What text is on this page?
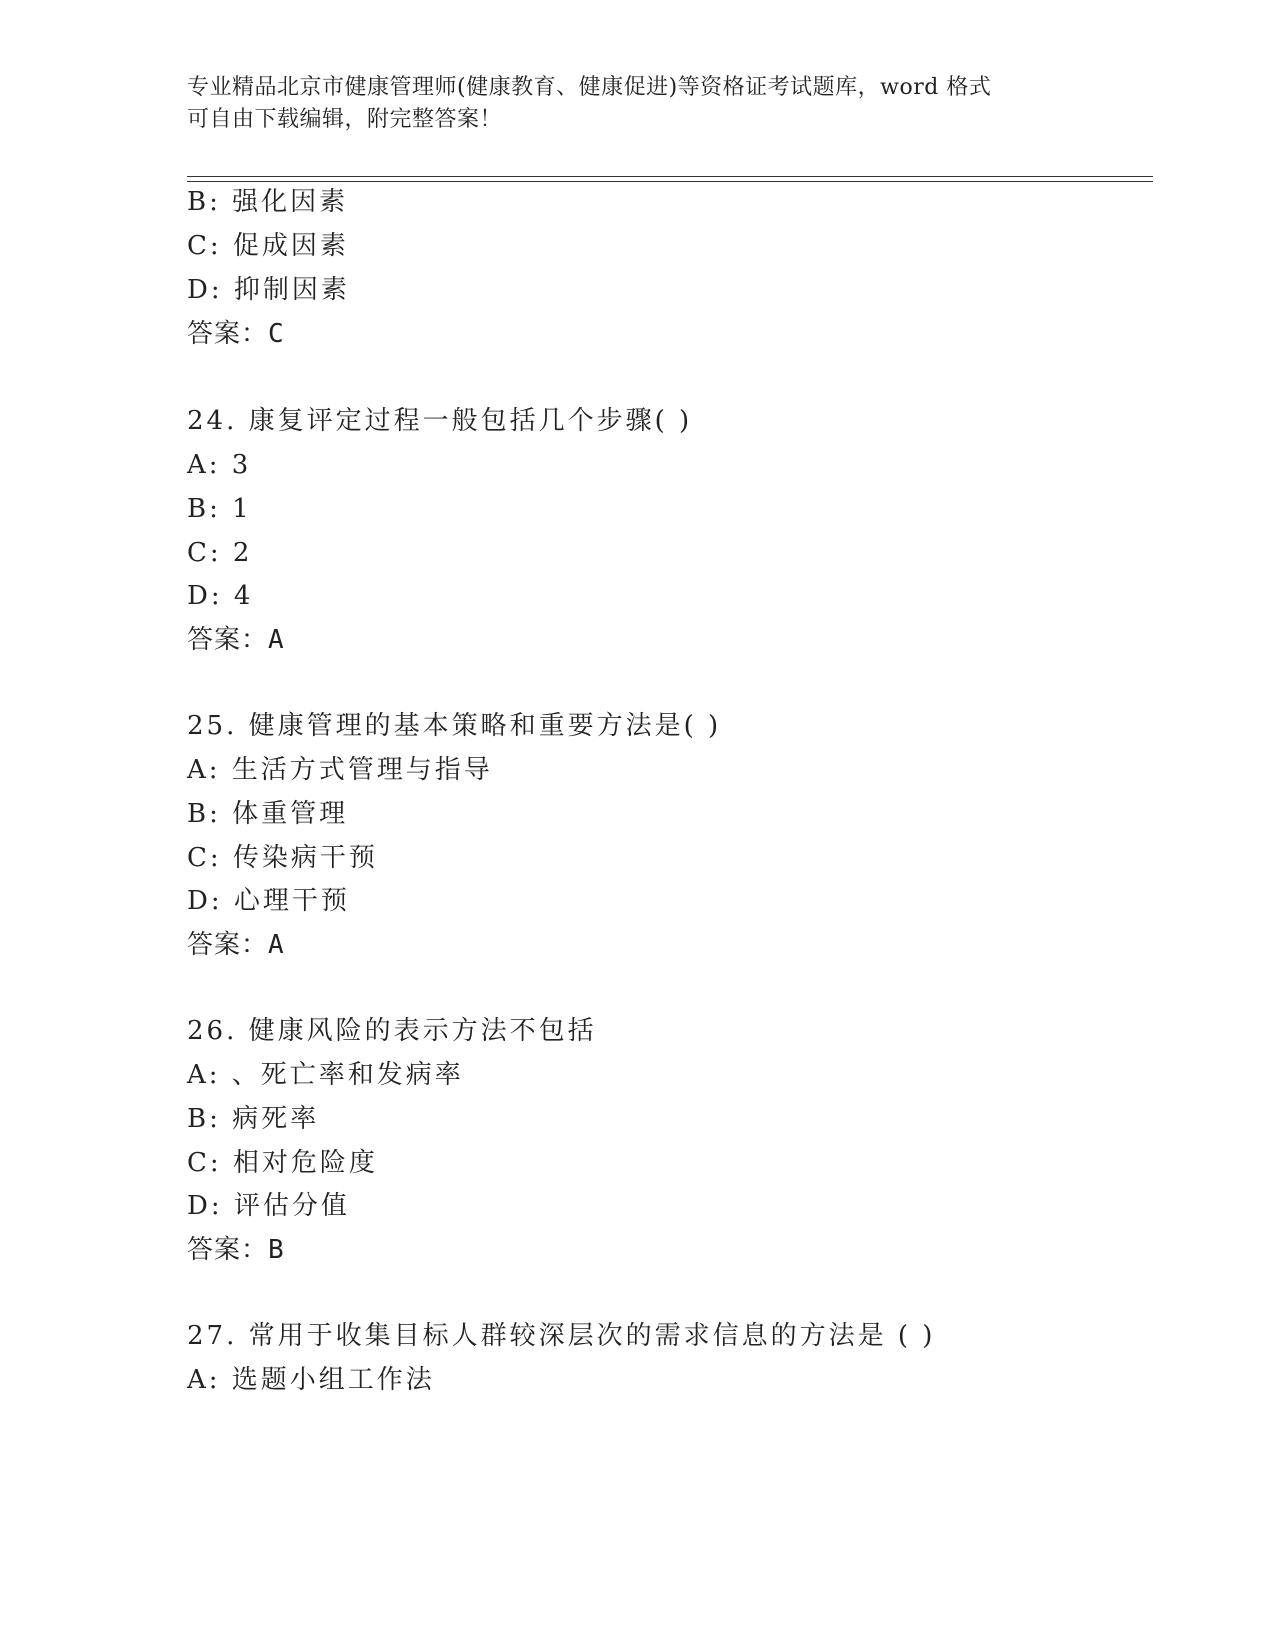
专业精品北京市健康管理师(健康教育、健康促进)等资格证考试题库，word 格式
可自由下载编辑，附完整答案！
B: 强化因素
C: 促成因素
D: 抑制因素
答案：C
24. 康复评定过程一般包括几个步骤( )
A: 3
B: 1
C: 2
D: 4
答案：A
25. 健康管理的基本策略和重要方法是( )
A: 生活方式管理与指导
B: 体重管理
C: 传染病干预
D: 心理干预
答案：A
26. 健康风险的表示方法不包括
A: 、死亡率和发病率
B: 病死率
C: 相对危险度
D: 评估分值
答案：B
27. 常用于收集目标人群较深层次的需求信息的方法是 ( )
A: 选题小组工作法
